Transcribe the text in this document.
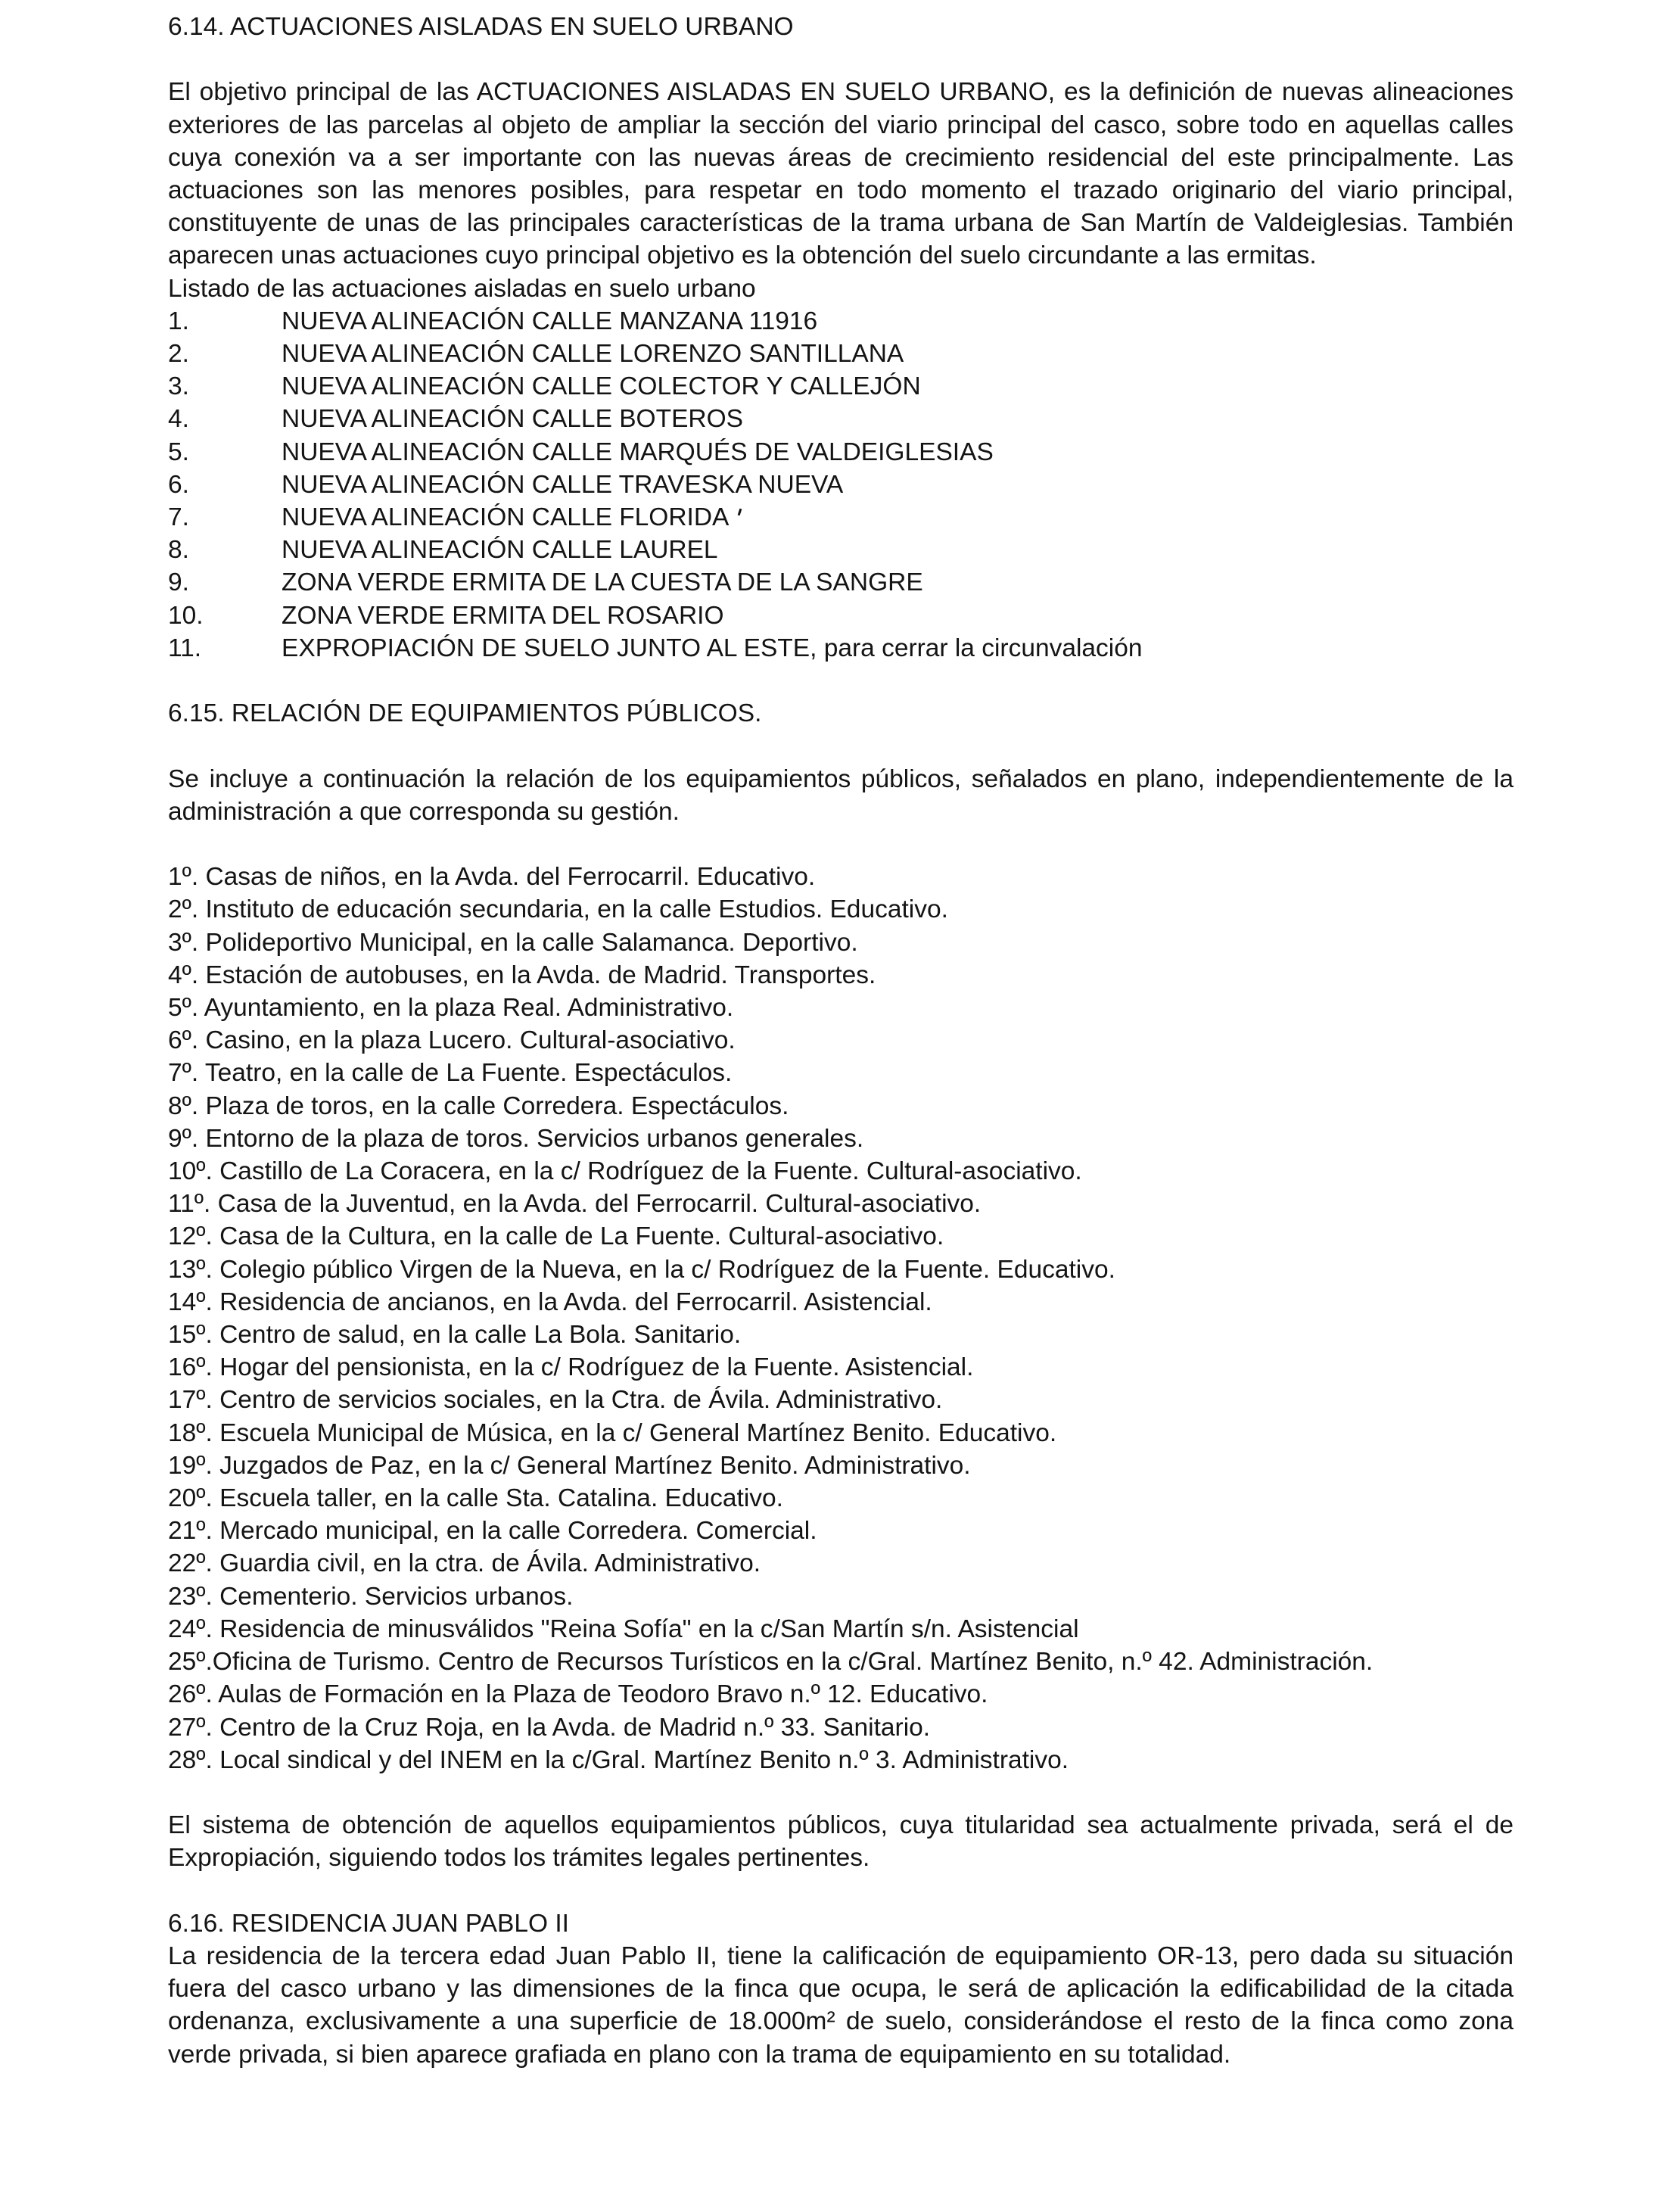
6.14. ACTUACIONES AISLADAS EN SUELO URBANO

El objetivo principal de las ACTUACIONES AISLADAS EN SUELO URBANO, es la definición de nuevas alineaciones exteriores de las parcelas al objeto de ampliar la sección del viario principal del casco, sobre todo en aquellas calles cuya conexión va a ser importante con las nuevas áreas de crecimiento residencial del este principalmente. Las actuaciones son las menores posibles, para respetar en todo momento el trazado originario del viario principal, constituyente de unas de las principales características de la trama urbana de San Martín de Valdeiglesias. También aparecen unas actuaciones cuyo principal objetivo es la obtención del suelo circundante a las ermitas.

Listado de las actuaciones aisladas en suelo urbano

1.	NUEVA ALINEACIÓN CALLE MANZANA 11916
2.	NUEVA ALINEACIÓN CALLE LORENZO SANTILLANA
3.	NUEVA ALINEACIÓN CALLE COLECTOR Y CALLEJÓN
4.	NUEVA ALINEACIÓN CALLE BOTEROS
5.	NUEVA ALINEACIÓN CALLE MARQUÉS DE VALDEIGLESIAS
6.	NUEVA ALINEACIÓN CALLE TRAVESKA NUEVA
7.	NUEVA ALINEACIÓN CALLE FLORIDA
8.	NUEVA ALINEACIÓN CALLE LAUREL
9.	ZONA VERDE ERMITA DE LA CUESTA DE LA SANGRE
10.	ZONA VERDE ERMITA DEL ROSARIO
11.	EXPROPIACIÓN DE SUELO JUNTO AL ESTE, para cerrar la circunvalación
6.15. RELACIÓN DE EQUIPAMIENTOS PÚBLICOS.

Se incluye a continuación la relación de los equipamientos públicos, señalados en plano, independientemente de la administración a que corresponda su gestión.

1º. Casas de niños, en la Avda. del Ferrocarril. Educativo.
2º. Instituto de educación secundaria, en la calle Estudios. Educativo.
3º. Polideportivo Municipal, en la calle Salamanca. Deportivo.
4º. Estación de autobuses, en la Avda. de Madrid. Transportes.
5º. Ayuntamiento, en la plaza Real. Administrativo.
6º. Casino, en la plaza Lucero. Cultural-asociativo.
7º. Teatro, en la calle de La Fuente. Espectáculos.
8º. Plaza de toros, en la calle Corredera. Espectáculos.
9º. Entorno de la plaza de toros. Servicios urbanos generales.
10º. Castillo de La Coracera, en la c/ Rodríguez de la Fuente. Cultural-asociativo.
11º. Casa de la Juventud, en la Avda. del Ferrocarril. Cultural-asociativo.
12º. Casa de la Cultura, en la calle de La Fuente. Cultural-asociativo.
13º. Colegio público Virgen de la Nueva, en la c/ Rodríguez de la Fuente. Educativo.
14º. Residencia de ancianos, en la Avda. del Ferrocarril. Asistencial.
15º. Centro de salud, en la calle La Bola. Sanitario.
16º. Hogar del pensionista, en la c/ Rodríguez de la Fuente. Asistencial.
17º. Centro de servicios sociales, en la Ctra. de Ávila. Administrativo.
18º. Escuela Municipal de Música, en la c/ General Martínez Benito. Educativo.
19º. Juzgados de Paz, en la c/ General Martínez Benito. Administrativo.
20º. Escuela taller, en la calle Sta. Catalina. Educativo.
21º. Mercado municipal, en la calle Corredera. Comercial.
22º. Guardia civil, en la ctra. de Ávila. Administrativo.
23º. Cementerio. Servicios urbanos.
24º. Residencia de minusválidos "Reina Sofía" en la c/San Martín s/n. Asistencial
25º.Oficina de Turismo. Centro de Recursos Turísticos en la c/Gral. Martínez Benito, n.º 42. Administración.
26º. Aulas de Formación en la Plaza de Teodoro Bravo n.º 12. Educativo.
27º. Centro de la Cruz Roja, en la Avda. de Madrid n.º 33. Sanitario.
28º. Local sindical y del INEM en la c/Gral. Martínez Benito n.º 3. Administrativo.

El sistema de obtención de aquellos equipamientos públicos, cuya titularidad sea actualmente privada, será el de Expropiación, siguiendo todos los trámites legales pertinentes.

6.16. RESIDENCIA JUAN PABLO II

La residencia de la tercera edad Juan Pablo II, tiene la calificación de equipamiento OR-13, pero dada su situación fuera del casco urbano y las dimensiones de la finca que ocupa, le será de aplicación la edificabilidad de la citada ordenanza, exclusivamente a una superficie de 18.000m² de suelo, considerándose el resto de la finca como zona verde privada, si bien aparece grafiada en plano con la trama de equipamiento en su totalidad.
